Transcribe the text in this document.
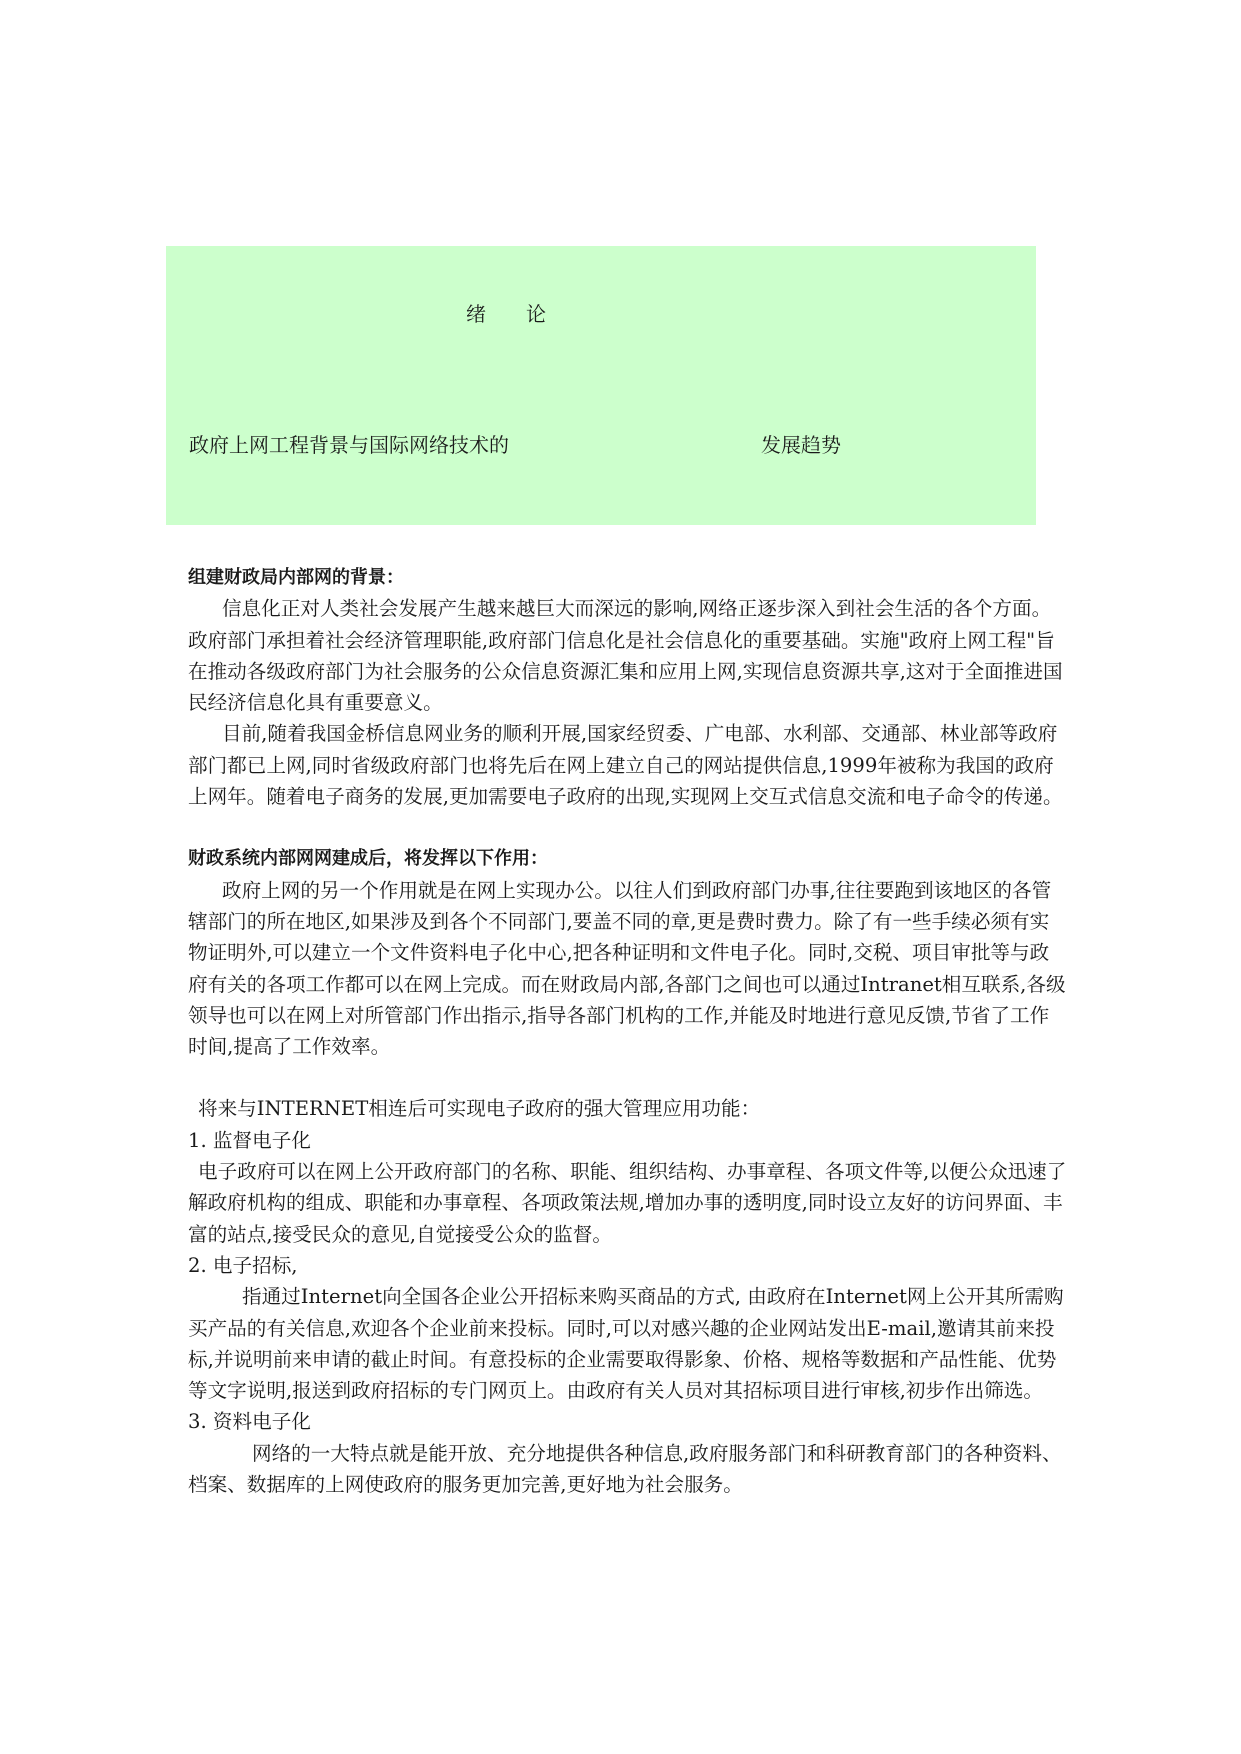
绪论
政府上网工程背景与国际网络技术的	发展趋势

组建财政局内部网的背景：

信息化正对人类社会发展产生越来越巨大而深远的影响,网络正逐步深入到社会生活的各个方面。政府部门承担着社会经济管理职能,政府部门信息化是社会信息化的重要基础。实施"政府上网工程"旨在推动各级政府部门为社会服务的公众信息资源汇集和应用上网,实现信息资源共享,这对于全面推进国民经济信息化具有重要意义。

目前,随着我国金桥信息网业务的顺利开展,国家经贸委、广电部、水利部、交通部、林业部等政府部门都已上网,同时省级政府部门也将先后在网上建立自己的网站提供信息,1999年被称为我国的政府上网年。随着电子商务的发展,更加需要电子政府的出现,实现网上交互式信息交流和电子命令的传递。

财政系统内部网网建成后，将发挥以下作用：

政府上网的另一个作用就是在网上实现办公。以往人们到政府部门办事,往往要跑到该地区的各管辖部门的所在地区,如果涉及到各个不同部门,要盖不同的章,更是费时费力。除了有一些手续必须有实物证明外,可以建立一个文件资料电子化中心,把各种证明和文件电子化。同时,交税、项目审批等与政府有关的各项工作都可以在网上完成。而在财政局内部,各部门之间也可以通过Intranet相互联系,各级领导也可以在网上对所管部门作出指示,指导各部门机构的工作,并能及时地进行意见反馈,节省了工作时间,提高了工作效率。

将来与INTERNET相连后可实现电子政府的强大管理应用功能：

1. 监督电子化

电子政府可以在网上公开政府部门的名称、职能、组织结构、办事章程、各项文件等,以便公众迅速了解政府机构的组成、职能和办事章程、各项政策法规,增加办事的透明度,同时设立友好的访问界面、丰富的站点,接受民众的意见,自觉接受公众的监督。

2. 电子招标,

指通过Internet向全国各企业公开招标来购买商品的方式, 由政府在Internet网上公开其所需购买产品的有关信息,欢迎各个企业前来投标。同时,可以对感兴趣的企业网站发出E-mail,邀请其前来投标,并说明前来申请的截止时间。有意投标的企业需要取得影象、价格、规格等数据和产品性能、优势等文字说明,报送到政府招标的专门网页上。由政府有关人员对其招标项目进行审核,初步作出筛选。

3. 资料电子化

网络的一大特点就是能开放、充分地提供各种信息,政府服务部门和科研教育部门的各种资料、档案、数据库的上网使政府的服务更加完善,更好地为社会服务。
